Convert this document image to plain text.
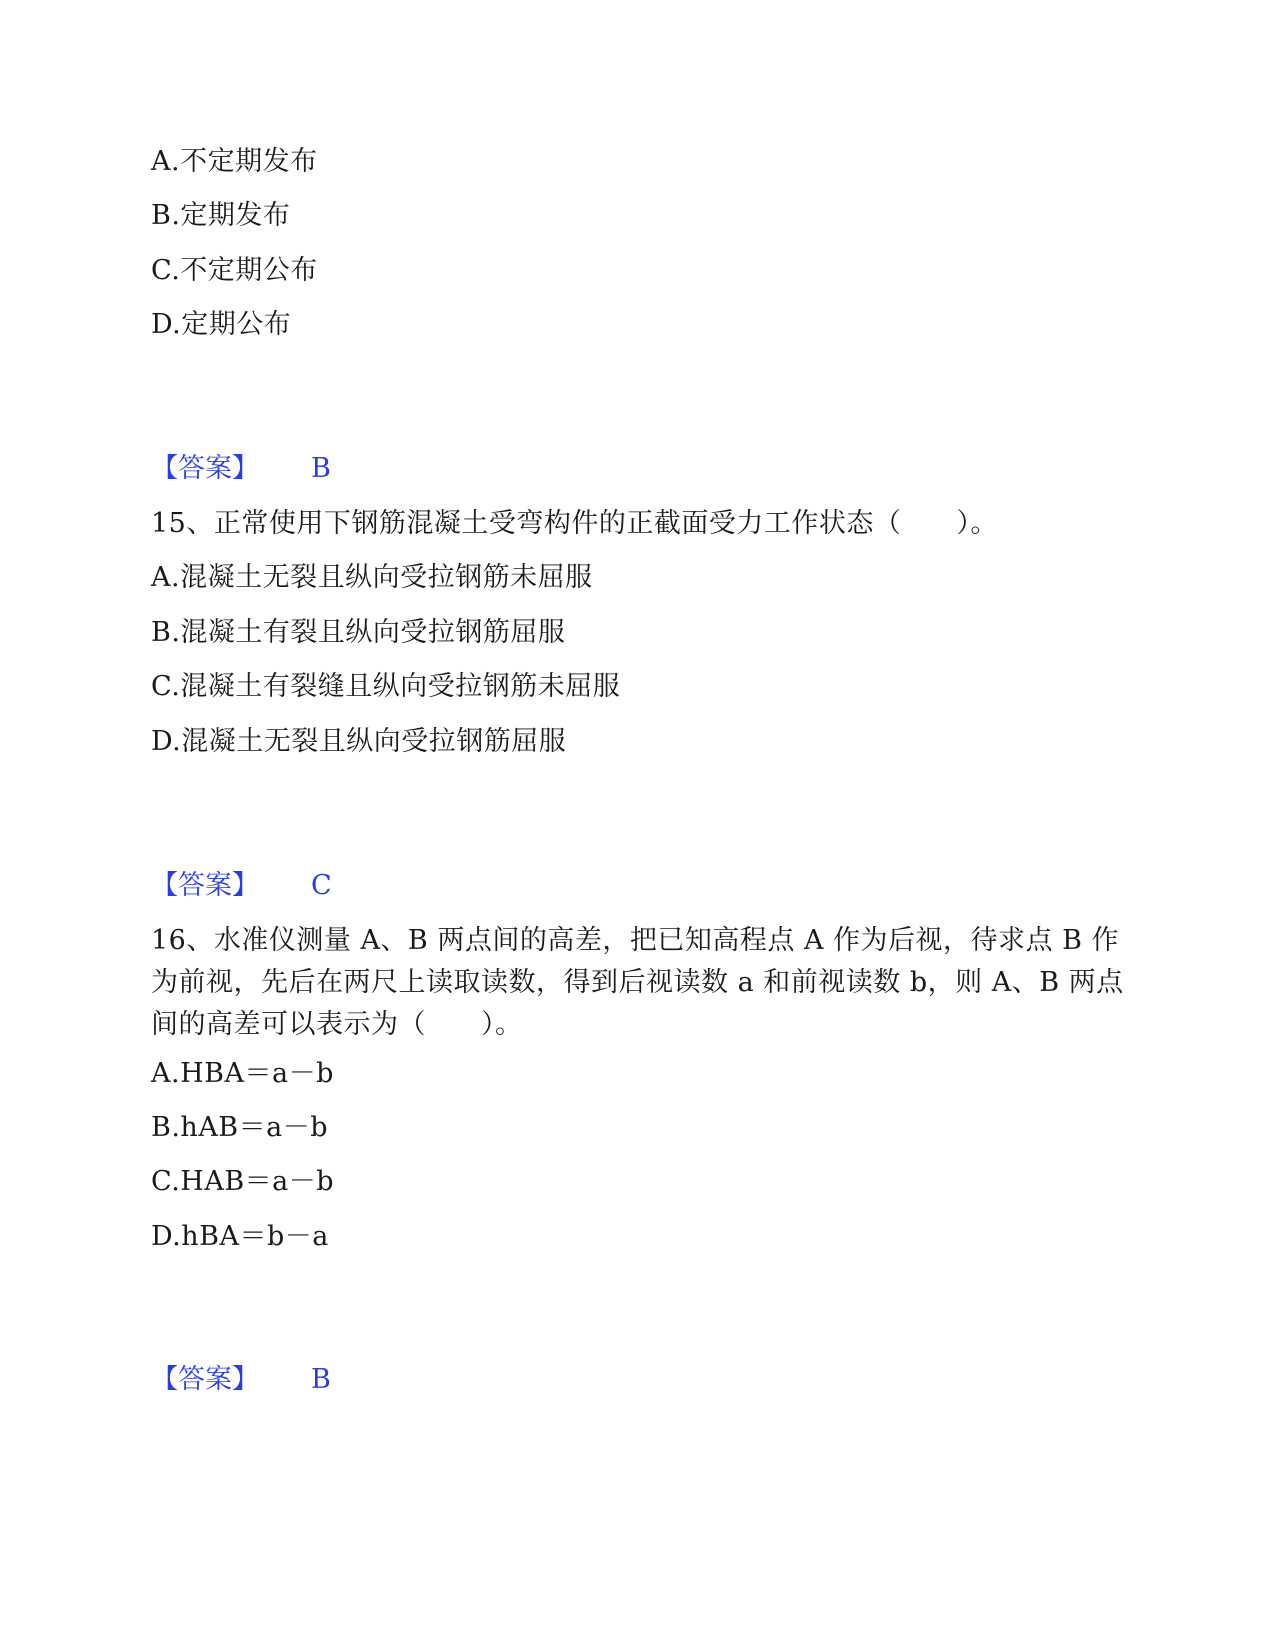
A.不定期发布
B.定期发布
C.不定期公布
D.定期公布
【答案】 B
15、正常使用下钢筋混凝土受弯构件的正截面受力工作状态（　　）。
A.混凝土无裂且纵向受拉钢筋未屈服
B.混凝土有裂且纵向受拉钢筋屈服
C.混凝土有裂缝且纵向受拉钢筋未屈服
D.混凝土无裂且纵向受拉钢筋屈服
【答案】 C
16、水准仪测量 A、B 两点间的高差，把已知高程点 A 作为后视，待求点 B 作为前视，先后在两尺上读取读数，得到后视读数 a 和前视读数 b，则 A、B 两点间的高差可以表示为（　　）。
A.HBA＝a－b
B.hAB＝a－b
C.HAB＝a－b
D.hBA＝b－a
【答案】 B
